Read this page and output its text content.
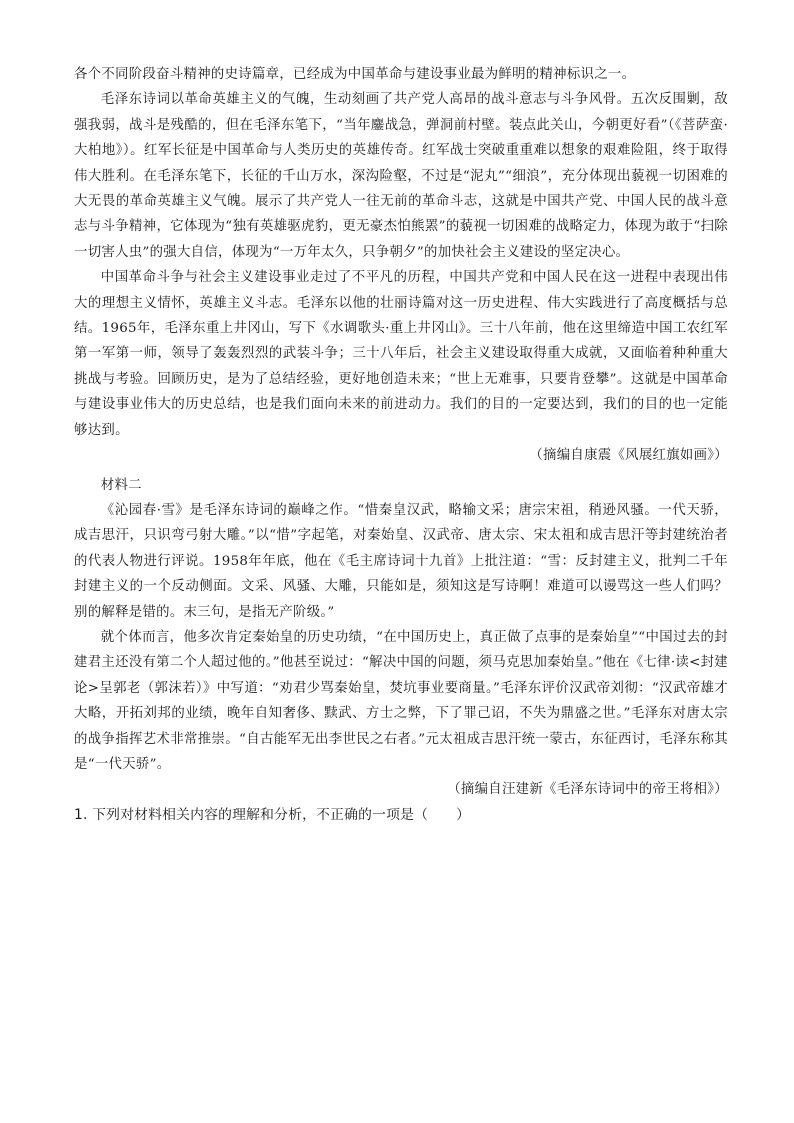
各个不同阶段奋斗精神的史诗篇章，已经成为中国革命与建设事业最为鲜明的精神标识之一。

毛泽东诗词以革命英雄主义的气魄，生动刻画了共产党人高昂的战斗意志与斗争风骨。五次反围剿，敌强我弱，战斗是残酷的，但在毛泽东笔下，“当年鏖战急，弹洞前村壁。装点此关山，今朝更好看”（《菩萨蛮·大柏地》）。红军长征是中国革命与人类历史的英雄传奇。红军战士突破重重难以想象的艰难险阻，终于取得伟大胜利。在毛泽东笔下，长征的千山万水，深沟险壑，不过是“泥丸”“细浪”，充分体现出藐视一切困难的大无畏的革命英雄主义气魄。展示了共产党人一往无前的革命斗志，这就是中国共产党、中国人民的战斗意志与斗争精神，它体现为“独有英雄驱虎豹，更无豪杰怕熊罴”的藐视一切困难的战略定力，体现为敢于“扫除一切害人虫”的强大自信，体现为“一万年太久，只争朝夕”的加快社会主义建设的坚定决心。

中国革命斗争与社会主义建设事业走过了不平凡的历程，中国共产党和中国人民在这一进程中表现出伟大的理想主义情怀，英雄主义斗志。毛泽东以他的壮丽诗篇对这一历史进程、伟大实践进行了高度概括与总结。1965年，毛泽东重上井冈山，写下《水调歌头·重上井冈山》。三十八年前，他在这里缔造中国工农红军第一军第一师，领导了轰轰烈烈的武装斗争；三十八年后，社会主义建设取得重大成就，又面临着种种重大挑战与考验。回顾历史，是为了总结经验，更好地创造未来；“世上无难事，只要肯登攀”。这就是中国革命与建设事业伟大的历史总结，也是我们面向未来的前进动力。我们的目的一定要达到，我们的目的也一定能够达到。

（摘编自康震《风展红旗如画》）

材料二

《沁园春·雪》是毛泽东诗词的巅峰之作。“惜秦皇汉武，略输文采；唐宗宋祖，稍逊风骚。一代天骄，成吉思汗，只识弯弓射大雕。”以“惜”字起笔，对秦始皇、汉武帝、唐太宗、宋太祖和成吉思汗等封建统治者的代表人物进行评说。1958年年底，他在《毛主席诗词十九首》上批注道：“雪：反封建主义，批判二千年封建主义的一个反动侧面。文采、风骚、大雕，只能如是，须知这是写诗啊！难道可以谩骂这一些人们吗？别的解释是错的。末三句，是指无产阶级。”

就个体而言，他多次肯定秦始皇的历史功绩，“在中国历史上，真正做了点事的是秦始皇”“中国过去的封建君主还没有第二个人超过他的。”他甚至说过：“解决中国的问题，须马克思加秦始皇。”他在《七律·读<封建论>呈郭老（郭沫若）》中写道：“劝君少骂秦始皇，焚坑事业要商量。”毛泽东评价汉武帝刘彻：“汉武帝雄才大略，开拓刘邦的业绩，晚年自知奢侈、黩武、方士之弊，下了罪己诏，不失为鼎盛之世。”毛泽东对唐太宗的战争指挥艺术非常推崇。“自古能军无出李世民之右者。”元太祖成吉思汗统一蒙古，东征西讨，毛泽东称其是“一代天骄”。

（摘编自汪建新《毛泽东诗词中的帝王将相》）

1. 下列对材料相关内容的理解和分析，不正确的一项是（　　）
